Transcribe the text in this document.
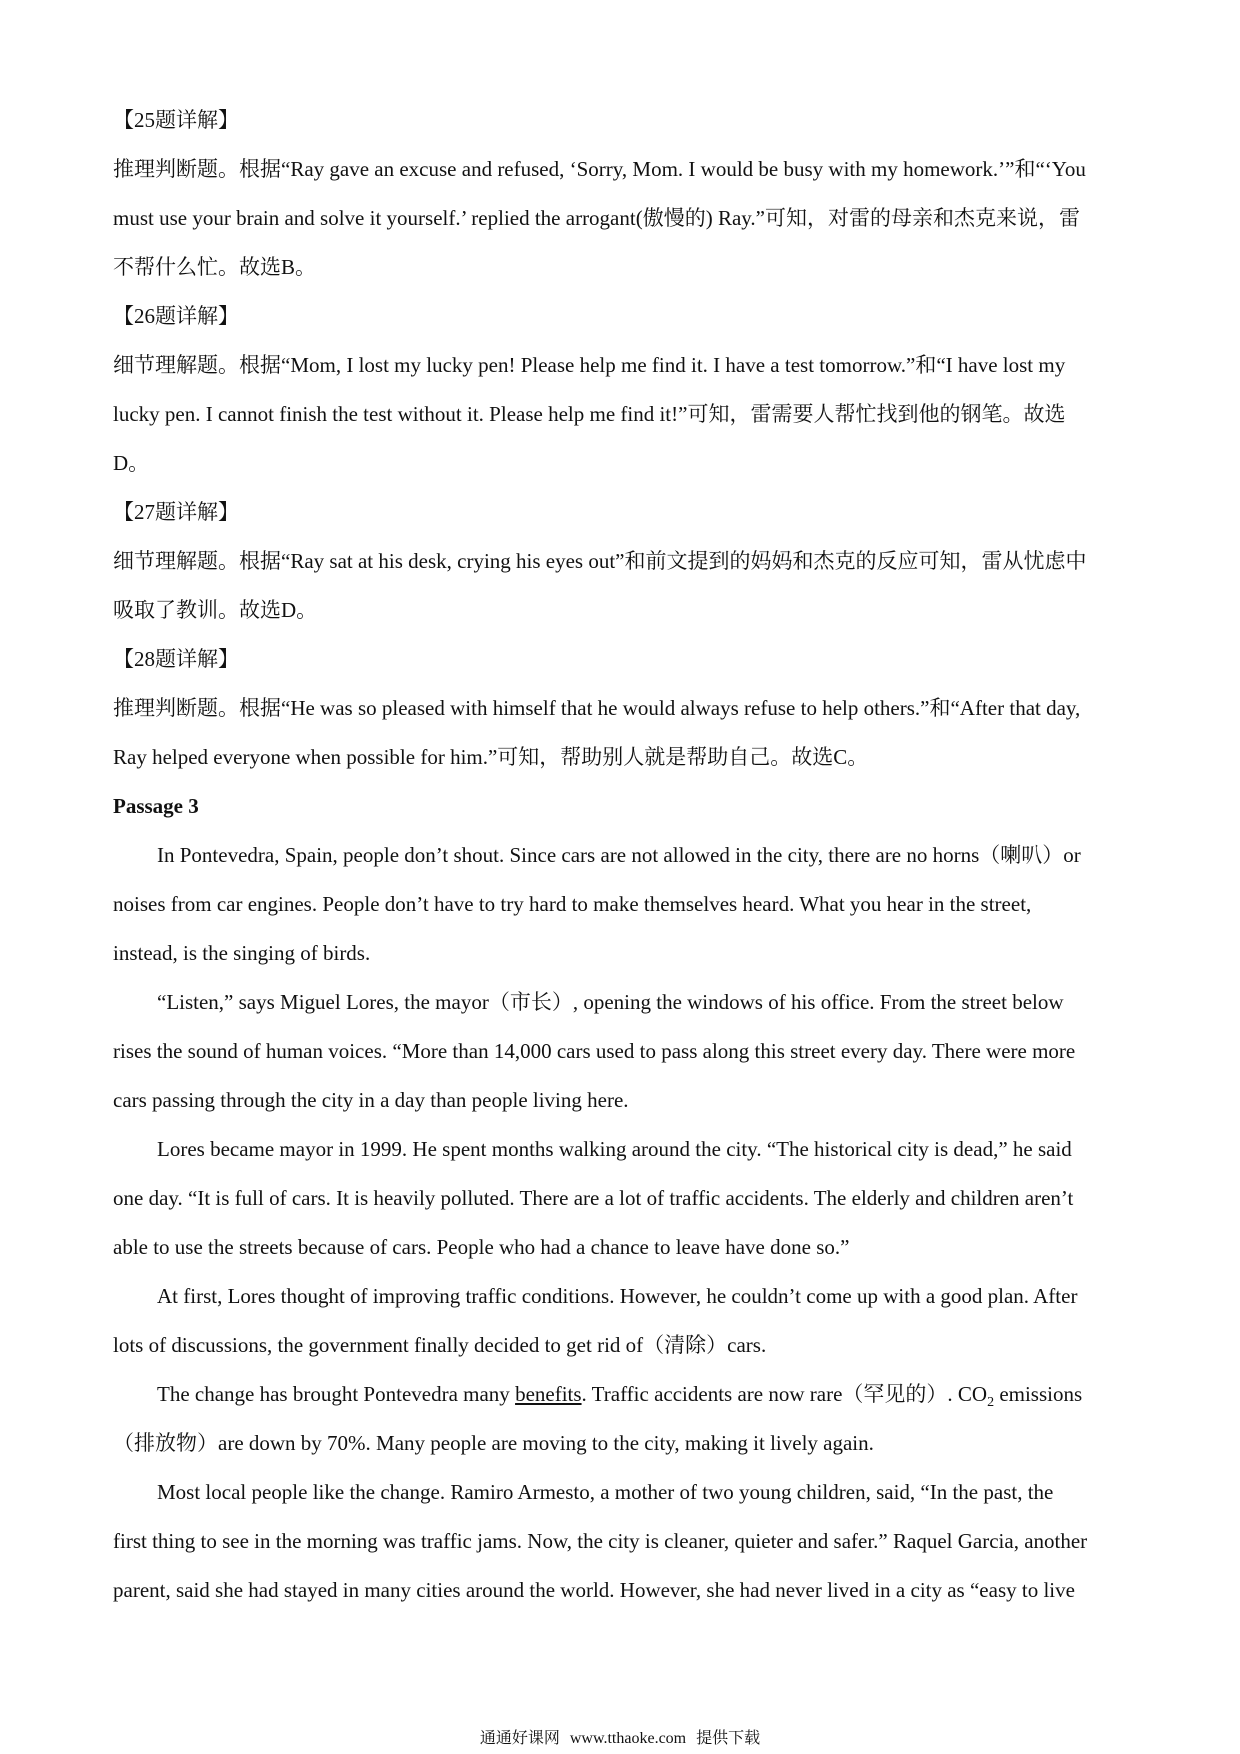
【25题详解】
推理判断题。根据“Ray gave an excuse and refused, ‘Sorry, Mom. I would be busy with my homework.’”和“‘You
must use your brain and solve it yourself.’ replied the arrogant(傲慢的) Ray.”可知，对雷的母亲和杰克来说，雷
不帮什么忙。故选B。
【26题详解】
细节理解题。根据“Mom, I lost my lucky pen! Please help me find it. I have a test tomorrow.”和“I have lost my
lucky pen. I cannot finish the test without it. Please help me find it!”可知，雷需要人帮忙找到他的钢笔。故选
D。
【27题详解】
细节理解题。根据“Ray sat at his desk, crying his eyes out”和前文提到的妈妈和杰克的反应可知，雷从忧虑中
吸取了教训。故选D。
【28题详解】
推理判断题。根据“He was so pleased with himself that he would always refuse to help others.”和“After that day,
Ray helped everyone when possible for him.”可知，帮助别人就是帮助自己。故选C。
Passage 3
In Pontevedra, Spain, people don’t shout. Since cars are not allowed in the city, there are no horns（喇叭）or
noises from car engines. People don’t have to try hard to make themselves heard. What you hear in the street,
instead, is the singing of birds.
“Listen,” says Miguel Lores, the mayor（市长）, opening the windows of his office. From the street below
rises the sound of human voices. “More than 14,000 cars used to pass along this street every day. There were more
cars passing through the city in a day than people living here.
Lores became mayor in 1999. He spent months walking around the city. “The historical city is dead,” he said
one day. “It is full of cars. It is heavily polluted. There are a lot of traffic accidents. The elderly and children aren’t
able to use the streets because of cars. People who had a chance to leave have done so.”
At first, Lores thought of improving traffic conditions. However, he couldn’t come up with a good plan. After
lots of discussions, the government finally decided to get rid of（清除）cars.
The change has brought Pontevedra many benefits. Traffic accidents are now rare（罕见的）. $CO_2$ emissions
（排放物）are down by 70%. Many people are moving to the city, making it lively again.
Most local people like the change. Ramiro Armesto, a mother of two young children, said, “In the past, the
first thing to see in the morning was traffic jams. Now, the city is cleaner, quieter and safer.” Raquel Garcia, another
parent, said she had stayed in many cities around the world. However, she had never lived in a city as “easy to live
通通好课网 www.tthaoke.com 提供下载
